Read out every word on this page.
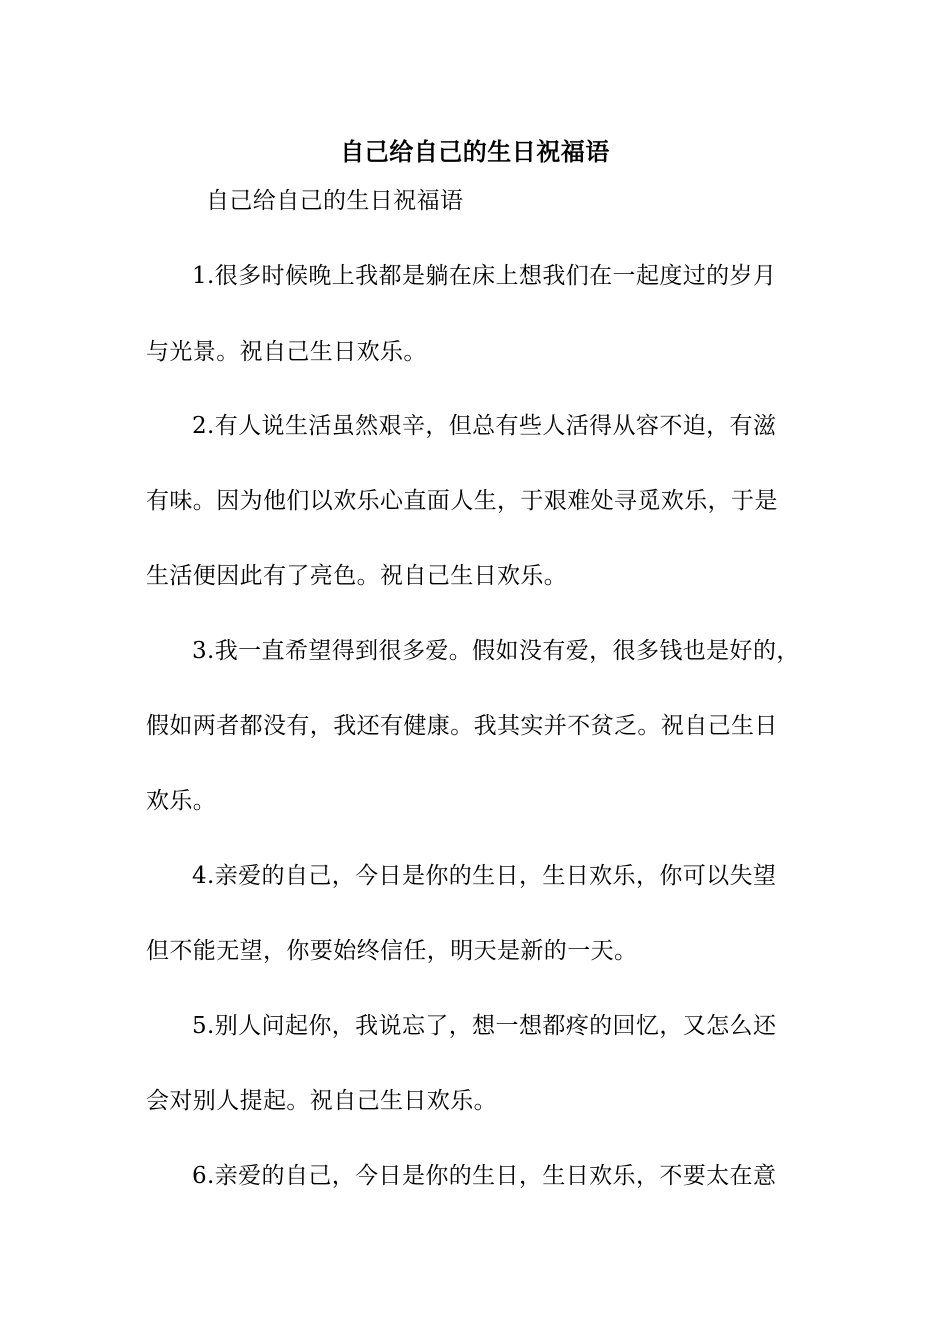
自己给自己的生日祝福语
自己给自己的生日祝福语
1.很多时候晚上我都是躺在床上想我们在一起度过的岁月
与光景。祝自己生日欢乐。
2.有人说生活虽然艰辛，但总有些人活得从容不迫，有滋
有味。因为他们以欢乐心直面人生，于艰难处寻觅欢乐，于是
生活便因此有了亮色。祝自己生日欢乐。
3.我一直希望得到很多爱。假如没有爱，很多钱也是好的，
假如两者都没有，我还有健康。我其实并不贫乏。祝自己生日
欢乐。
4.亲爱的自己，今日是你的生日，生日欢乐，你可以失望
但不能无望，你要始终信任，明天是新的一天。
5.别人问起你，我说忘了，想一想都疼的回忆，又怎么还
会对别人提起。祝自己生日欢乐。
6.亲爱的自己，今日是你的生日，生日欢乐，不要太在意
